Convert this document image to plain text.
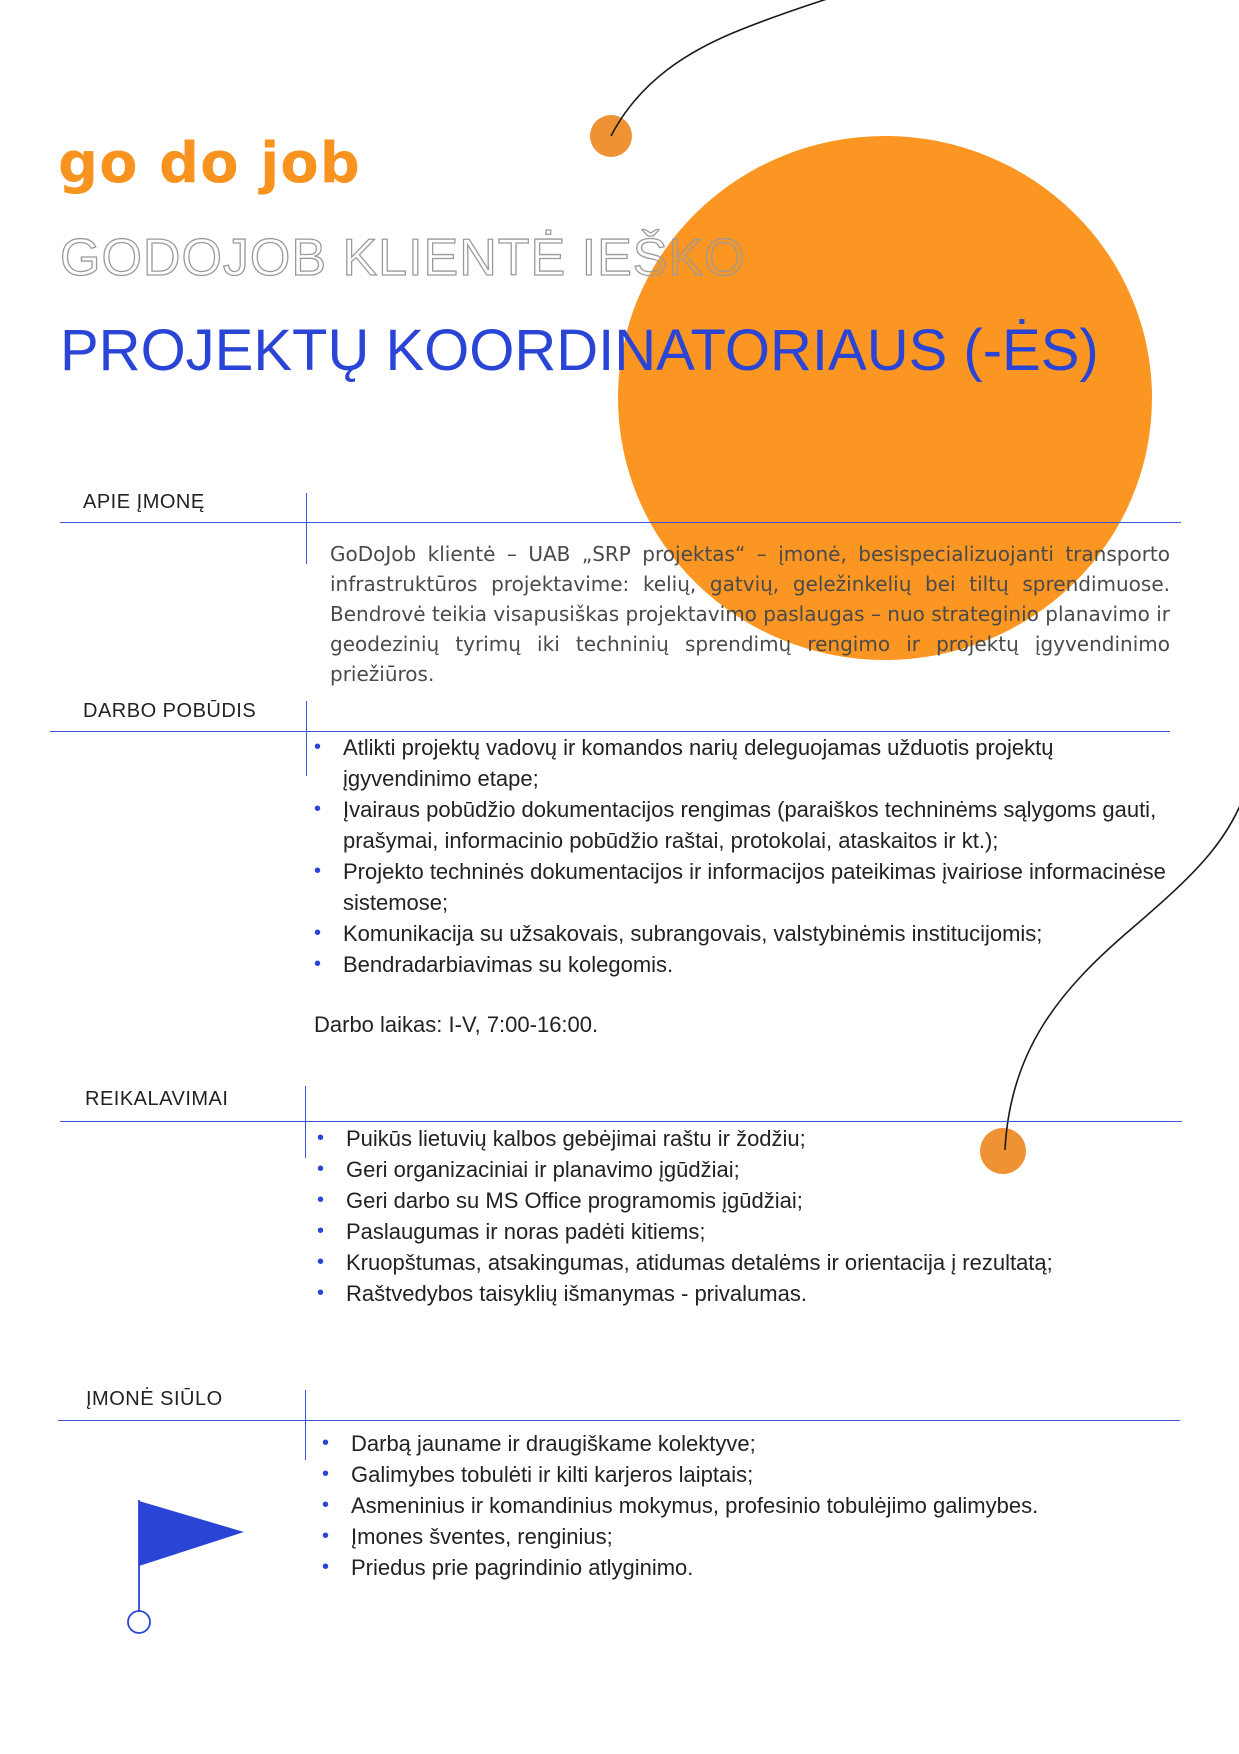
go do job
GODOJOB KLIENTĖ IEŠKO
PROJEKTŲ KOORDINATORIAUS (-ĖS)
APIE ĮMONĘ
GoDoJob klientė – UAB „SRP projektas“ – įmonė, besispecializuojanti transporto infrastruktūros projektavime: kelių, gatvių, geležinkelių bei tiltų sprendimuose. Bendrovė teikia visapusiškas projektavimo paslaugas – nuo strateginio planavimo ir geodezinių tyrimų iki techninių sprendimų rengimo ir projektų įgyvendinimo priežiūros.
DARBO POBŪDIS
• Atlikti projektų vadovų ir komandos narių deleguojamas užduotis projektų įgyvendinimo etape;
• Įvairaus pobūdžio dokumentacijos rengimas (paraiškos techninėms sąlygoms gauti, prašymai, informacinio pobūdžio raštai, protokolai, ataskaitos ir kt.);
• Projekto techninės dokumentacijos ir informacijos pateikimas įvairiose informacinėse sistemose;
• Komunikacija su užsakovais, subrangovais, valstybinėmis institucijomis;
• Bendradarbiavimas su kolegomis.
Darbo laikas: I-V, 7:00-16:00.
REIKALAVIMAI
• Puikūs lietuvių kalbos gebėjimai raštu ir žodžiu;
• Geri organizaciniai ir planavimo įgūdžiai;
• Geri darbo su MS Office programomis įgūdžiai;
• Paslaugumas ir noras padėti kitiems;
• Kruopštumas, atsakingumas, atidumas detalėms ir orientacija į rezultatą;
• Raštvedybos taisyklių išmanymas - privalumas.
ĮMONĖ SIŪLO
• Darbą jauname ir draugiškame kolektyve;
• Galimybes tobulėti ir kilti karjeros laiptais;
• Asmeninius ir komandinius mokymus, profesinio tobulėjimo galimybes.
• Įmones šventes, renginius;
• Priedus prie pagrindinio atlyginimo.
